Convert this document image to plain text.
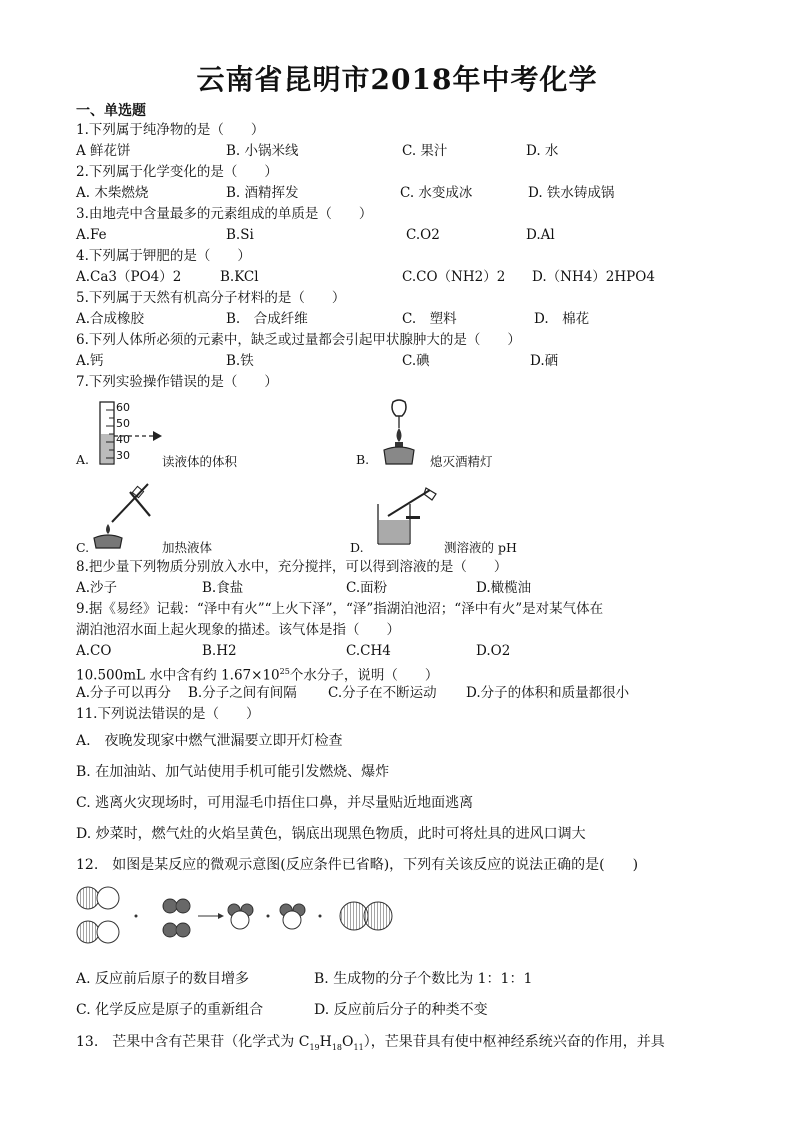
云南省昆明市2018年中考化学
一、单选题
1.下列属于纯净物的是（　　）
A 鲜花饼	B. 小锅米线	C. 果汁	D. 水
2.下列属于化学变化的是（　　）
A. 木柴燃烧	B. 酒精挥发	C. 水变成冰	D. 铁水铸成锅
3.由地壳中含量最多的元素组成的单质是（　　）
A.Fe	B.Si	C.O2	D.Al
4.下列属于钾肥的是（　　）
A.Ca3（PO4）2	B.KCl	C.CO（NH2）2 D.（NH4）2HPO4
5.下列属于天然有机高分子材料的是（　　）
A.合成橡胶	B.　合成纤维	C.　塑料	D.　棉花
6.下列人体所必须的元素中，缺乏或过量都会引起甲状腺肿大的是（　　）
A.钙	B.铁	C.碘	D.硒
7.下列实验操作错误的是（　　）
60
50
40
30
A.	读液体的体积	B.	熄灭酒精灯
C.	加热液体	D.	测溶液的 pH
8.把少量下列物质分别放入水中，充分搅拌，可以得到溶液的是（　　）
A.沙子	B.食盐	C.面粉	D.橄榄油
9.据《易经》记载：“泽中有火”“上火下泽”，“泽”指湖泊池沼；“泽中有火”是对某气体在
湖泊池沼水面上起火现象的描述。该气体是指（　　）
A.CO	B.H2	C.CH4	D.O2
10.500mL 水中含有约 $1.67\times 10^{25}$个水分子，说明（　　）
A.分子可以再分 B.分子之间有间隔 C.分子在不断运动 D.分子的体积和质量都很小
11.下列说法错误的是（　　）
A.　夜晚发现家中燃气泄漏要立即开灯检查
B. 在加油站、加气站使用手机可能引发燃烧、爆炸
C. 逃离火灾现场时，可用湿毛巾捂住口鼻，并尽量贴近地面逃离
D. 炒菜时，燃气灶的火焰呈黄色，锅底出现黑色物质，此时可将灶具的进风口调大
12.　如图是某反应的微观示意图(反应条件已省略)，下列有关该反应的说法正确的是(　　)
A. 反应前后原子的数目增多	B. 生成物的分子个数比为 1：1：1
C. 化学反应是原子的重新组合	D. 反应前后分子的种类不变
13.　芒果中含有芒果苷（化学式为 $C_{19}H_{18}O_{11}$），芒果苷具有使中枢神经系统兴奋的作用，并具
